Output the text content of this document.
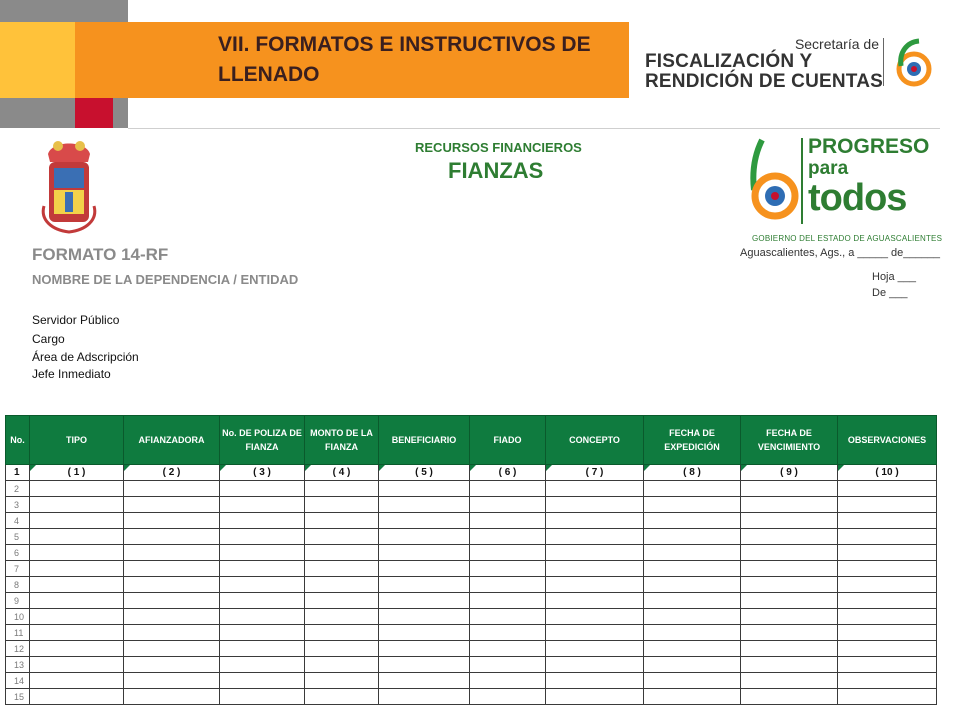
VII. FORMATOS E INSTRUCTIVOS DE LLENADO
Secretaría de
FISCALIZACIÓN Y
RENDICIÓN DE CUENTAS
RECURSOS FINANCIEROS
FIANZAS
PROGRESO
para
todos
GOBIERNO DEL ESTADO DE AGUASCALIENTES
Aguascalientes, Ags., a _____ de______
Hoja ___
De ___
FORMATO 14-RF
NOMBRE DE LA DEPENDENCIA / ENTIDAD
Servidor Público
Cargo
Área de Adscripción
Jefe Inmediato
No.	TIPO	AFIANZADORA	No. DE POLIZA DE FIANZA	MONTO DE LA FIANZA	BENEFICIARIO	FIADO	CONCEPTO	FECHA DE EXPEDICIÓN	FECHA DE VENCIMIENTO	OBSERVACIONES
1	( 1 )	( 2 )	( 3 )	( 4 )	( 5 )	( 6 )	( 7 )	( 8 )	( 9 )	( 10 )
2										
3										
4										
5										
6										
7										
8										
9										
10										
11										
12										
13										
14										
15										
